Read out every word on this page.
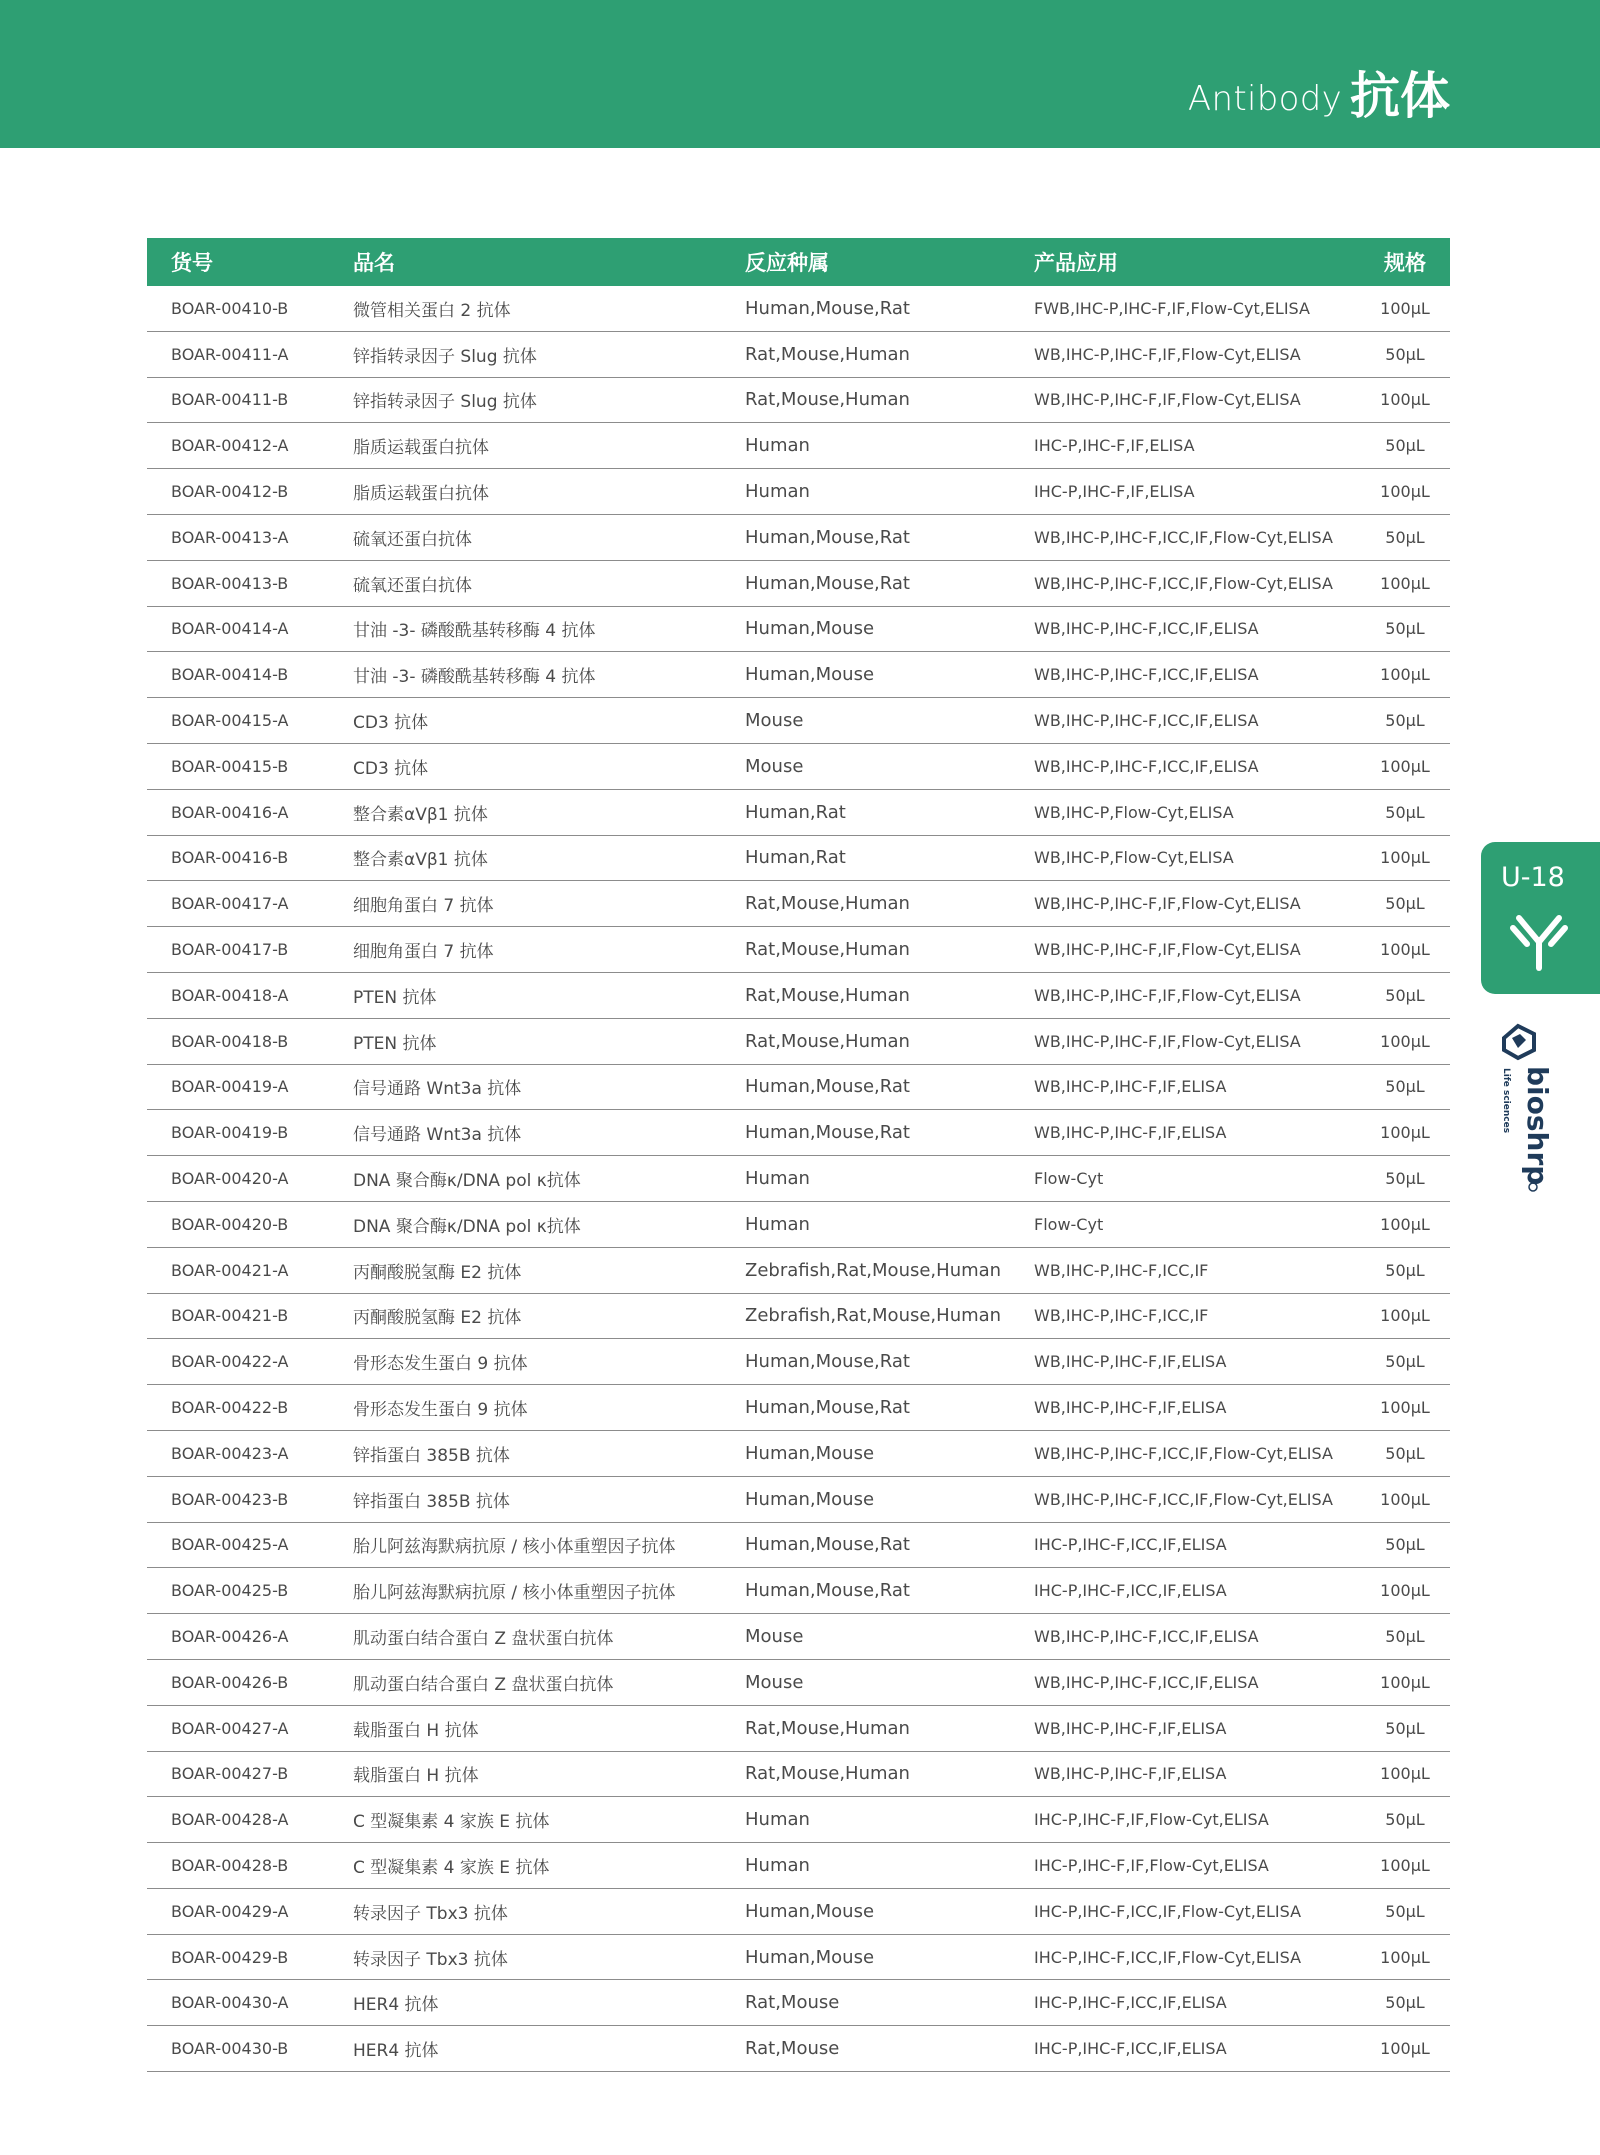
Antibody 抗体
货号	品名	反应种属	产品应用	规格
BOAR-00410-B	微管相关蛋白 2 抗体	Human,Mouse,Rat	FWB,IHC-P,IHC-F,IF,Flow-Cyt,ELISA	100μL
BOAR-00411-A	锌指转录因子 Slug 抗体	Rat,Mouse,Human	WB,IHC-P,IHC-F,IF,Flow-Cyt,ELISA	50μL
BOAR-00411-B	锌指转录因子 Slug 抗体	Rat,Mouse,Human	WB,IHC-P,IHC-F,IF,Flow-Cyt,ELISA	100μL
BOAR-00412-A	脂质运载蛋白抗体	Human	IHC-P,IHC-F,IF,ELISA	50μL
BOAR-00412-B	脂质运载蛋白抗体	Human	IHC-P,IHC-F,IF,ELISA	100μL
BOAR-00413-A	硫氧还蛋白抗体	Human,Mouse,Rat	WB,IHC-P,IHC-F,ICC,IF,Flow-Cyt,ELISA	50μL
BOAR-00413-B	硫氧还蛋白抗体	Human,Mouse,Rat	WB,IHC-P,IHC-F,ICC,IF,Flow-Cyt,ELISA	100μL
BOAR-00414-A	甘油 -3- 磷酸酰基转移酶 4 抗体	Human,Mouse	WB,IHC-P,IHC-F,ICC,IF,ELISA	50μL
BOAR-00414-B	甘油 -3- 磷酸酰基转移酶 4 抗体	Human,Mouse	WB,IHC-P,IHC-F,ICC,IF,ELISA	100μL
BOAR-00415-A	CD3 抗体	Mouse	WB,IHC-P,IHC-F,ICC,IF,ELISA	50μL
BOAR-00415-B	CD3 抗体	Mouse	WB,IHC-P,IHC-F,ICC,IF,ELISA	100μL
BOAR-00416-A	整合素αVβ1 抗体	Human,Rat	WB,IHC-P,Flow-Cyt,ELISA	50μL
BOAR-00416-B	整合素αVβ1 抗体	Human,Rat	WB,IHC-P,Flow-Cyt,ELISA	100μL
BOAR-00417-A	细胞角蛋白 7 抗体	Rat,Mouse,Human	WB,IHC-P,IHC-F,IF,Flow-Cyt,ELISA	50μL
BOAR-00417-B	细胞角蛋白 7 抗体	Rat,Mouse,Human	WB,IHC-P,IHC-F,IF,Flow-Cyt,ELISA	100μL
BOAR-00418-A	PTEN 抗体	Rat,Mouse,Human	WB,IHC-P,IHC-F,IF,Flow-Cyt,ELISA	50μL
BOAR-00418-B	PTEN 抗体	Rat,Mouse,Human	WB,IHC-P,IHC-F,IF,Flow-Cyt,ELISA	100μL
BOAR-00419-A	信号通路 Wnt3a 抗体	Human,Mouse,Rat	WB,IHC-P,IHC-F,IF,ELISA	50μL
BOAR-00419-B	信号通路 Wnt3a 抗体	Human,Mouse,Rat	WB,IHC-P,IHC-F,IF,ELISA	100μL
BOAR-00420-A	DNA 聚合酶κ/DNA pol κ抗体	Human	Flow-Cyt	50μL
BOAR-00420-B	DNA 聚合酶κ/DNA pol κ抗体	Human	Flow-Cyt	100μL
BOAR-00421-A	丙酮酸脱氢酶 E2 抗体	Zebrafish,Rat,Mouse,Human	WB,IHC-P,IHC-F,ICC,IF	50μL
BOAR-00421-B	丙酮酸脱氢酶 E2 抗体	Zebrafish,Rat,Mouse,Human	WB,IHC-P,IHC-F,ICC,IF	100μL
BOAR-00422-A	骨形态发生蛋白 9 抗体	Human,Mouse,Rat	WB,IHC-P,IHC-F,IF,ELISA	50μL
BOAR-00422-B	骨形态发生蛋白 9 抗体	Human,Mouse,Rat	WB,IHC-P,IHC-F,IF,ELISA	100μL
BOAR-00423-A	锌指蛋白 385B 抗体	Human,Mouse	WB,IHC-P,IHC-F,ICC,IF,Flow-Cyt,ELISA	50μL
BOAR-00423-B	锌指蛋白 385B 抗体	Human,Mouse	WB,IHC-P,IHC-F,ICC,IF,Flow-Cyt,ELISA	100μL
BOAR-00425-A	胎儿阿兹海默病抗原 / 核小体重塑因子抗体	Human,Mouse,Rat	IHC-P,IHC-F,ICC,IF,ELISA	50μL
BOAR-00425-B	胎儿阿兹海默病抗原 / 核小体重塑因子抗体	Human,Mouse,Rat	IHC-P,IHC-F,ICC,IF,ELISA	100μL
BOAR-00426-A	肌动蛋白结合蛋白 Z 盘状蛋白抗体	Mouse	WB,IHC-P,IHC-F,ICC,IF,ELISA	50μL
BOAR-00426-B	肌动蛋白结合蛋白 Z 盘状蛋白抗体	Mouse	WB,IHC-P,IHC-F,ICC,IF,ELISA	100μL
BOAR-00427-A	载脂蛋白 H 抗体	Rat,Mouse,Human	WB,IHC-P,IHC-F,IF,ELISA	50μL
BOAR-00427-B	载脂蛋白 H 抗体	Rat,Mouse,Human	WB,IHC-P,IHC-F,IF,ELISA	100μL
BOAR-00428-A	C 型凝集素 4 家族 E 抗体	Human	IHC-P,IHC-F,IF,Flow-Cyt,ELISA	50μL
BOAR-00428-B	C 型凝集素 4 家族 E 抗体	Human	IHC-P,IHC-F,IF,Flow-Cyt,ELISA	100μL
BOAR-00429-A	转录因子 Tbx3 抗体	Human,Mouse	IHC-P,IHC-F,ICC,IF,Flow-Cyt,ELISA	50μL
BOAR-00429-B	转录因子 Tbx3 抗体	Human,Mouse	IHC-P,IHC-F,ICC,IF,Flow-Cyt,ELISA	100μL
BOAR-00430-A	HER4 抗体	Rat,Mouse	IHC-P,IHC-F,ICC,IF,ELISA	50μL
BOAR-00430-B	HER4 抗体	Rat,Mouse	IHC-P,IHC-F,ICC,IF,ELISA	100μL
U-18
bioshrp
Life sciences
